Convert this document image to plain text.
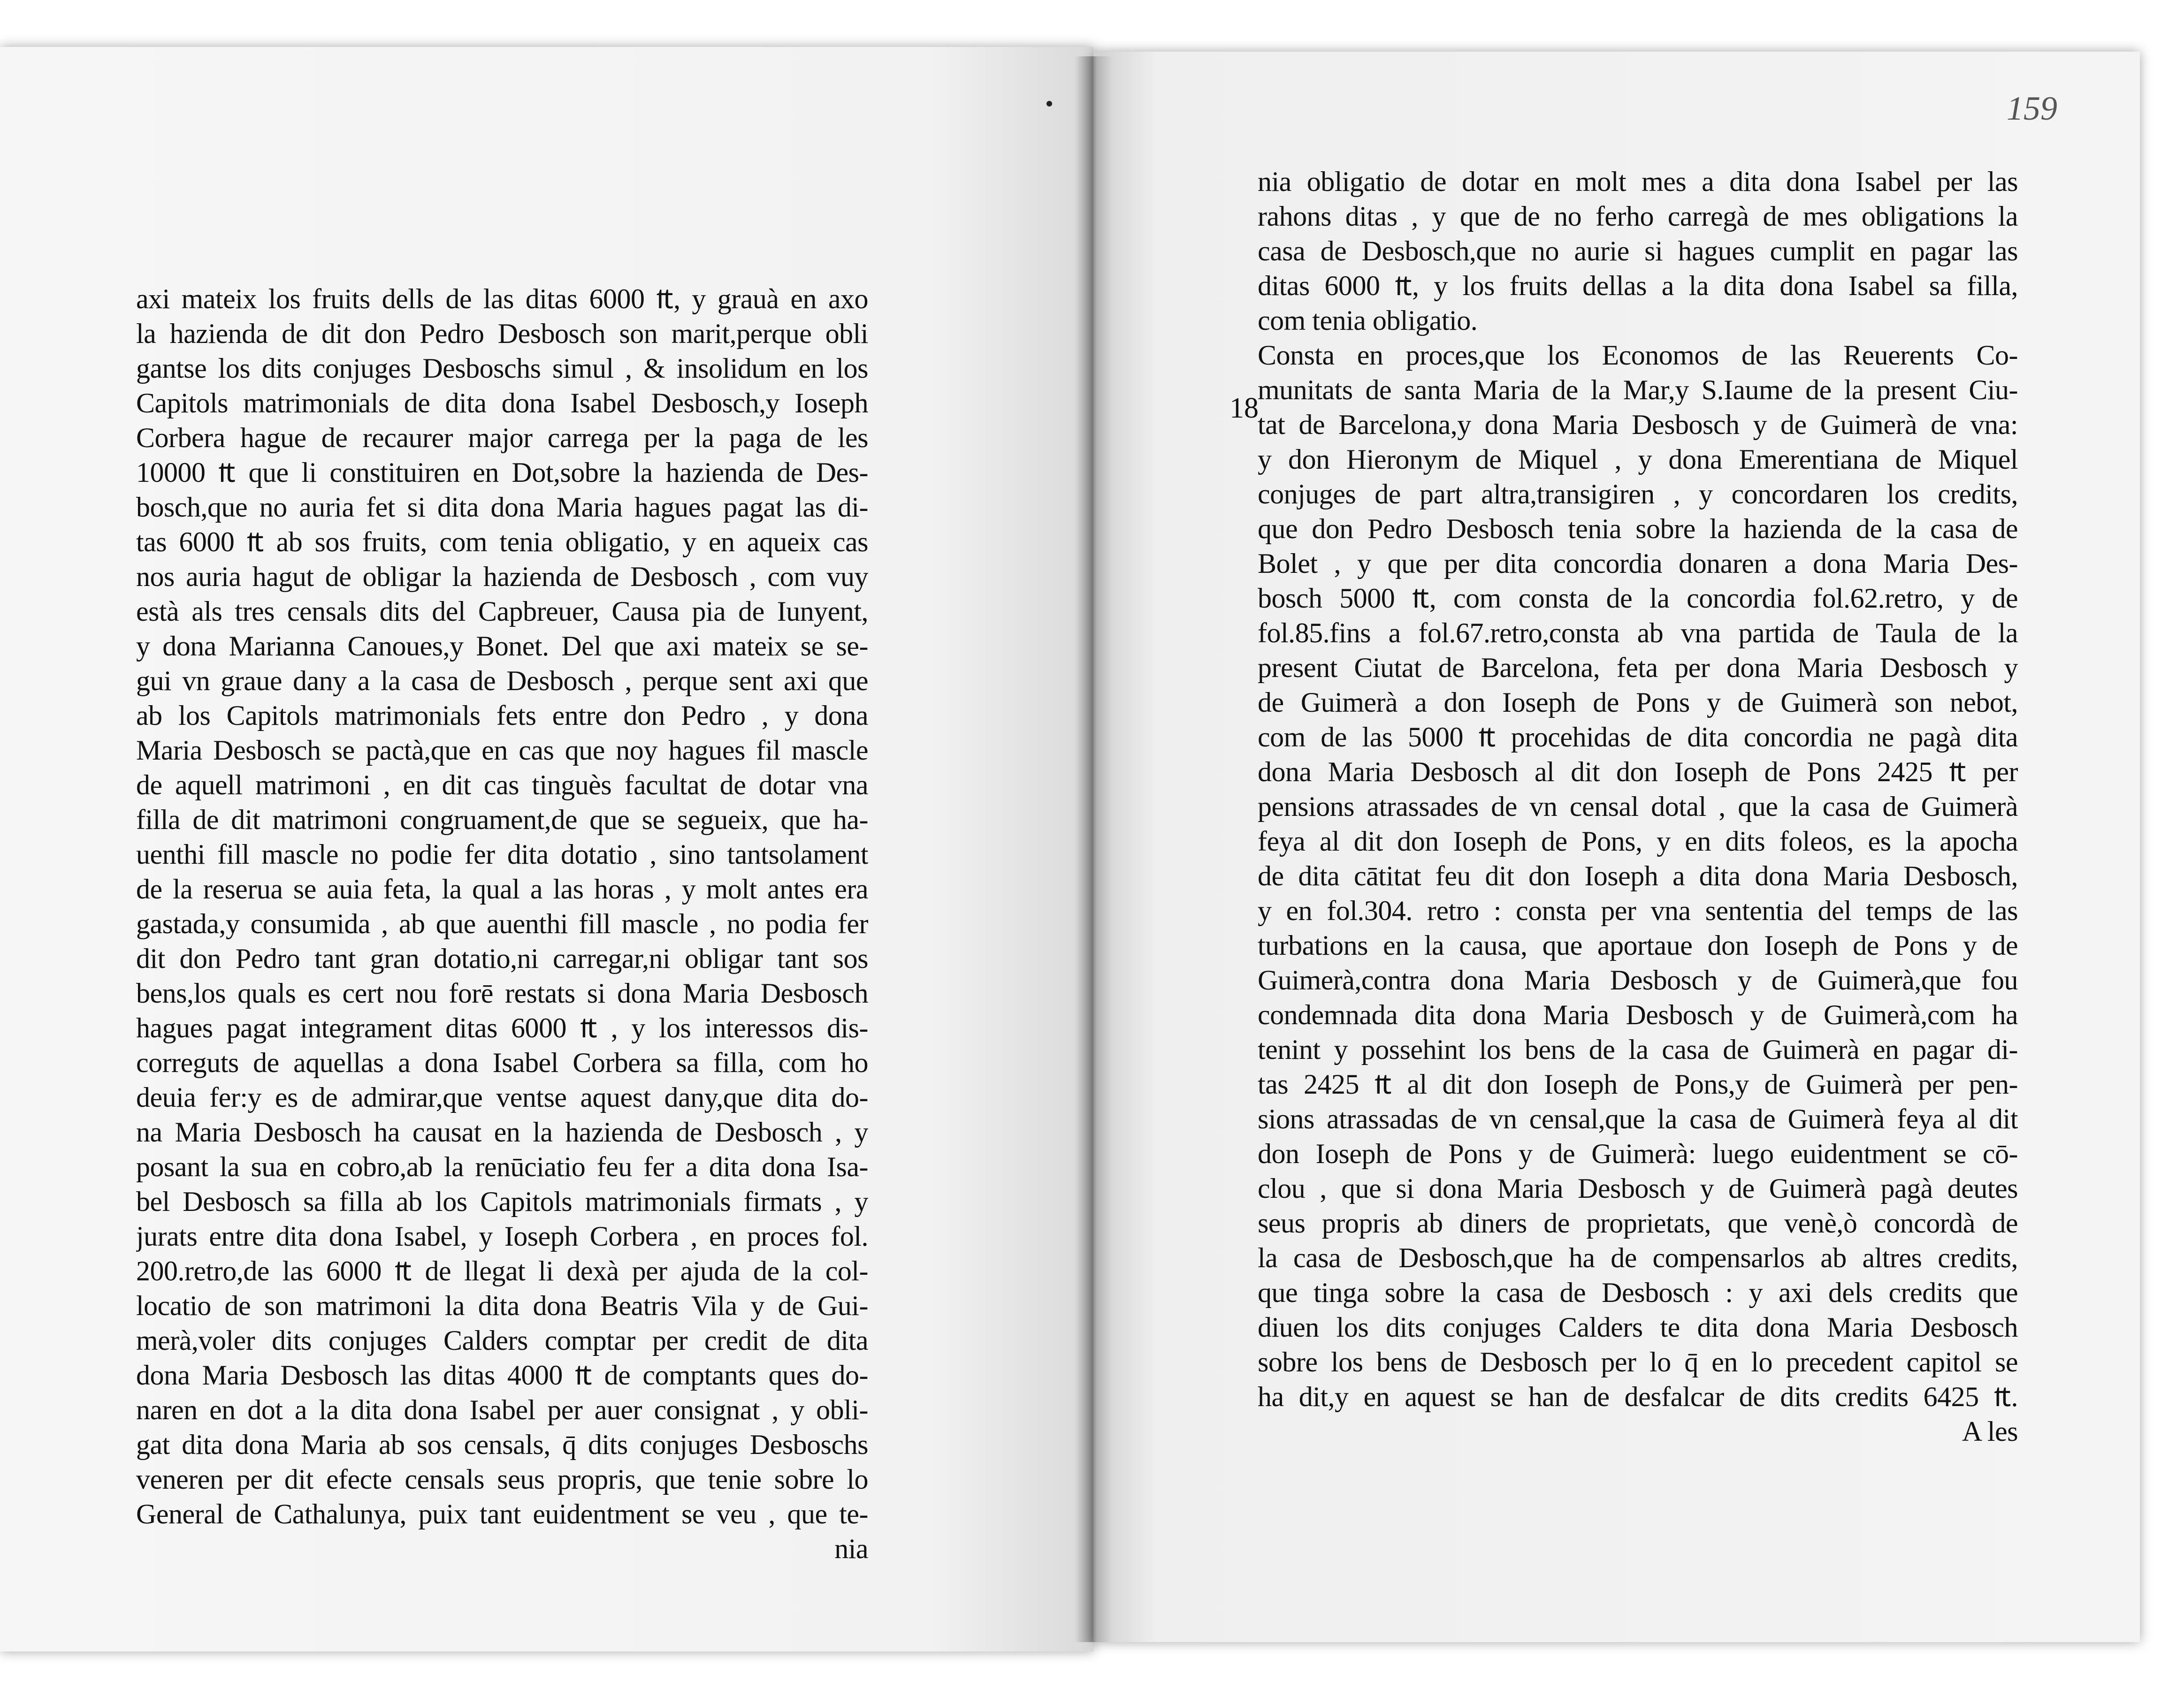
axi mateix los fruits dells de las ditas 6000 ₶, y grauà en axo
la hazienda de dit don Pedro Desbosch son marit,perque obli
gantse los dits conjuges Desboschs simul , & insolidum en los
Capitols matrimonials de dita dona Isabel Desbosch,y Ioseph
Corbera hague de recaurer major carrega per la paga de les
10000 ₶ que li constituiren en Dot,sobre la hazienda de Des-
bosch,que no auria fet si dita dona Maria hagues pagat las di-
tas 6000 ₶ ab sos fruits, com tenia obligatio, y en aqueix cas
nos auria hagut de obligar la hazienda de Desbosch , com vuy
està als tres censals dits del Capbreuer, Causa pia de Iunyent,
y dona Marianna Canoues,y Bonet. Del que axi mateix se se-
gui vn graue dany a la casa de Desbosch , perque sent axi que
ab los Capitols matrimonials fets entre don Pedro , y dona
Maria Desbosch se pactà,que en cas que noy hagues fil mascle
de aquell matrimoni , en dit cas tinguès facultat de dotar vna
filla de dit matrimoni congruament,de que se segueix, que ha-
uenthi fill mascle no podie fer dita dotatio , sino tantsolament
de la reserua se auia feta, la qual a las horas , y molt antes era
gastada,y consumida , ab que auenthi fill mascle , no podia fer
dit don Pedro tant gran dotatio,ni carregar,ni obligar tant sos
bens,los quals es cert nou forē restats si dona Maria Desbosch
hagues pagat integrament ditas 6000 ₶ , y los interessos dis-
correguts de aquellas a dona Isabel Corbera sa filla, com ho
deuia fer:y es de admirar,que ventse aquest dany,que dita do-
na Maria Desbosch ha causat en la hazienda de Desbosch , y
posant la sua en cobro,ab la renūciatio feu fer a dita dona Isa-
bel Desbosch sa filla ab los Capitols matrimonials firmats , y
jurats entre dita dona Isabel, y Ioseph Corbera , en proces fol.
200.retro,de las 6000 ₶ de llegat li dexà per ajuda de la col-
locatio de son matrimoni la dita dona Beatris Vila y de Gui-
merà,voler dits conjuges Calders comptar per credit de dita
dona Maria Desbosch las ditas 4000 ₶ de comptants ques do-
naren en dot a la dita dona Isabel per auer consignat , y obli-
gat dita dona Maria ab sos censals, q̄ dits conjuges Desboschs
veneren per dit efecte censals seus propris, que tenie sobre lo
General de Cathalunya, puix tant euidentment se veu , que te-
nia
159
18
nia obligatio de dotar en molt mes a dita dona Isabel per las
rahons ditas , y que de no ferho carregà de mes obligations la
casa de Desbosch,que no aurie si hagues cumplit en pagar las
ditas 6000 ₶, y los fruits dellas a la dita dona Isabel sa filla,
com tenia obligatio.
Consta en proces,que los Economos de las Reuerents Co-
munitats de santa Maria de la Mar,y S.Iaume de la present Ciu-
tat de Barcelona,y dona Maria Desbosch y de Guimerà de vna:
y don Hieronym de Miquel , y dona Emerentiana de Miquel
conjuges de part altra,transigiren , y concordaren los credits,
que don Pedro Desbosch tenia sobre la hazienda de la casa de
Bolet , y que per dita concordia donaren a dona Maria Des-
bosch 5000 ₶, com consta de la concordia fol.62.retro, y de
fol.85.fins a fol.67.retro,consta ab vna partida de Taula de la
present Ciutat de Barcelona, feta per dona Maria Desbosch y
de Guimerà a don Ioseph de Pons y de Guimerà son nebot,
com de las 5000 ₶ procehidas de dita concordia ne pagà dita
dona Maria Desbosch al dit don Ioseph de Pons 2425 ₶ per
pensions atrassades de vn censal dotal , que la casa de Guimerà
feya al dit don Ioseph de Pons, y en dits foleos, es la apocha
de dita cātitat feu dit don Ioseph a dita dona Maria Desbosch,
y en fol.304. retro : consta per vna sententia del temps de las
turbations en la causa, que aportaue don Ioseph de Pons y de
Guimerà,contra dona Maria Desbosch y de Guimerà,que fou
condemnada dita dona Maria Desbosch y de Guimerà,com ha
tenint y possehint los bens de la casa de Guimerà en pagar di-
tas 2425 ₶ al dit don Ioseph de Pons,y de Guimerà per pen-
sions atrassadas de vn censal,que la casa de Guimerà feya al dit
don Ioseph de Pons y de Guimerà: luego euidentment se cō-
clou , que si dona Maria Desbosch y de Guimerà pagà deutes
seus propris ab diners de proprietats, que venè,ò concordà de
la casa de Desbosch,que ha de compensarlos ab altres credits,
que tinga sobre la casa de Desbosch : y axi dels credits que
diuen los dits conjuges Calders te dita dona Maria Desbosch
sobre los bens de Desbosch per lo q̄ en lo precedent capitol se
ha dit,y en aquest se han de desfalcar de dits credits 6425 ₶.
A les
